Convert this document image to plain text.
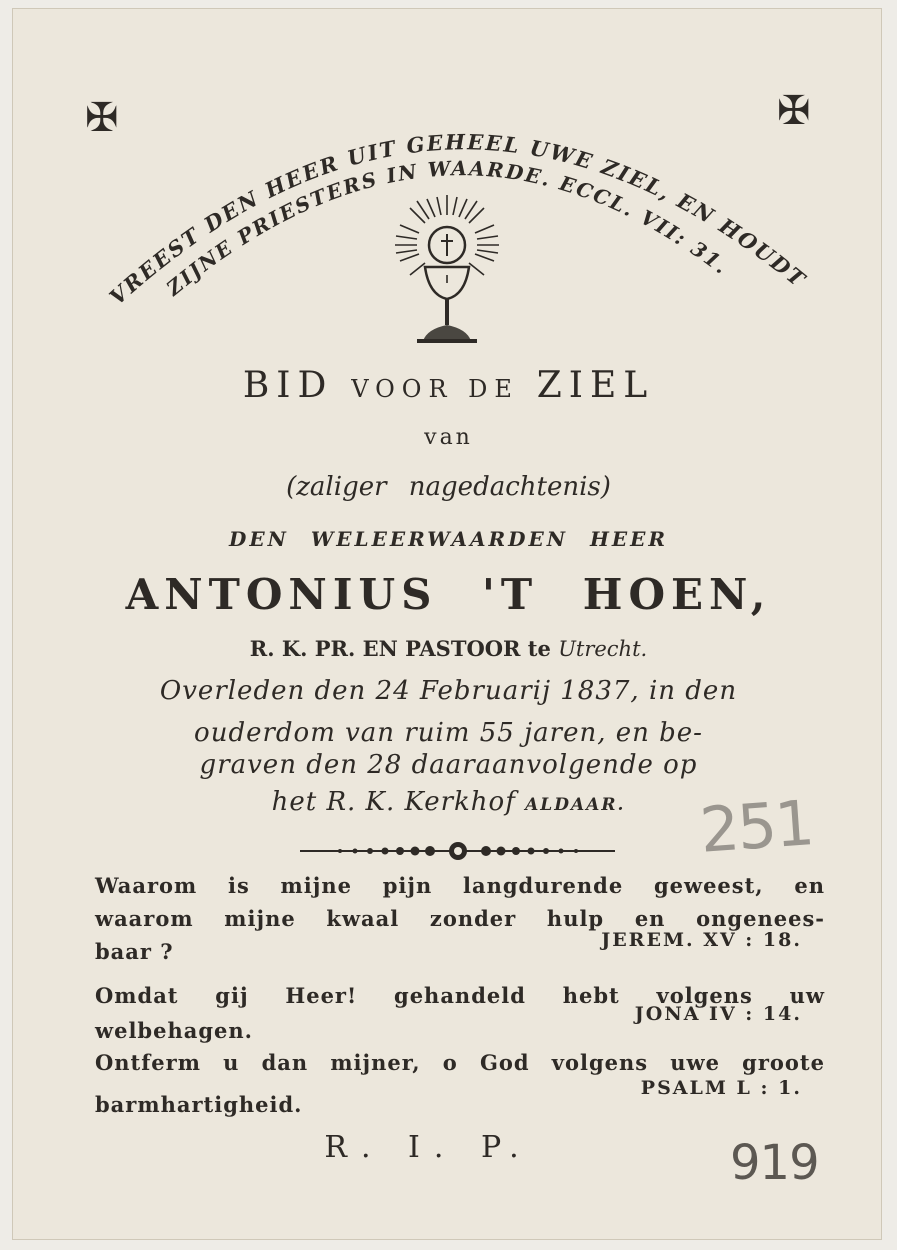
✠	✠
VREEST DEN HEER UIT GEHEEL UWE ZIEL, EN HOUDT
ZIJNE PRIESTERS IN WAARDE. ECCL. VII: 31.
BID VOOR DE ZIEL
van
(zaliger nagedachtenis)
DEN WELEERWAARDEN HEER
ANTONIUS 'T HOEN,
R. K. PR. EN PASTOOR te Utrecht.
Overleden den 24 Februarij 1837, in den
ouderdom van ruim 55 jaren, en be-
graven den 28 daaraanvolgende op
het R. K. Kerkhof ALDAAR.
Waarom is mijne pijn langdurende geweest, en
waarom mijne kwaal zonder hulp en ongenees-
baar ?	JEREM. XV : 18.
Omdat gij Heer! gehandeld hebt volgens uw
welbehagen.
JONA IV : 14.
Ontferm u dan mijner, o God volgens uwe groote
barmhartigheid.
PSALM L : 1.
R. I. P.
251
919
